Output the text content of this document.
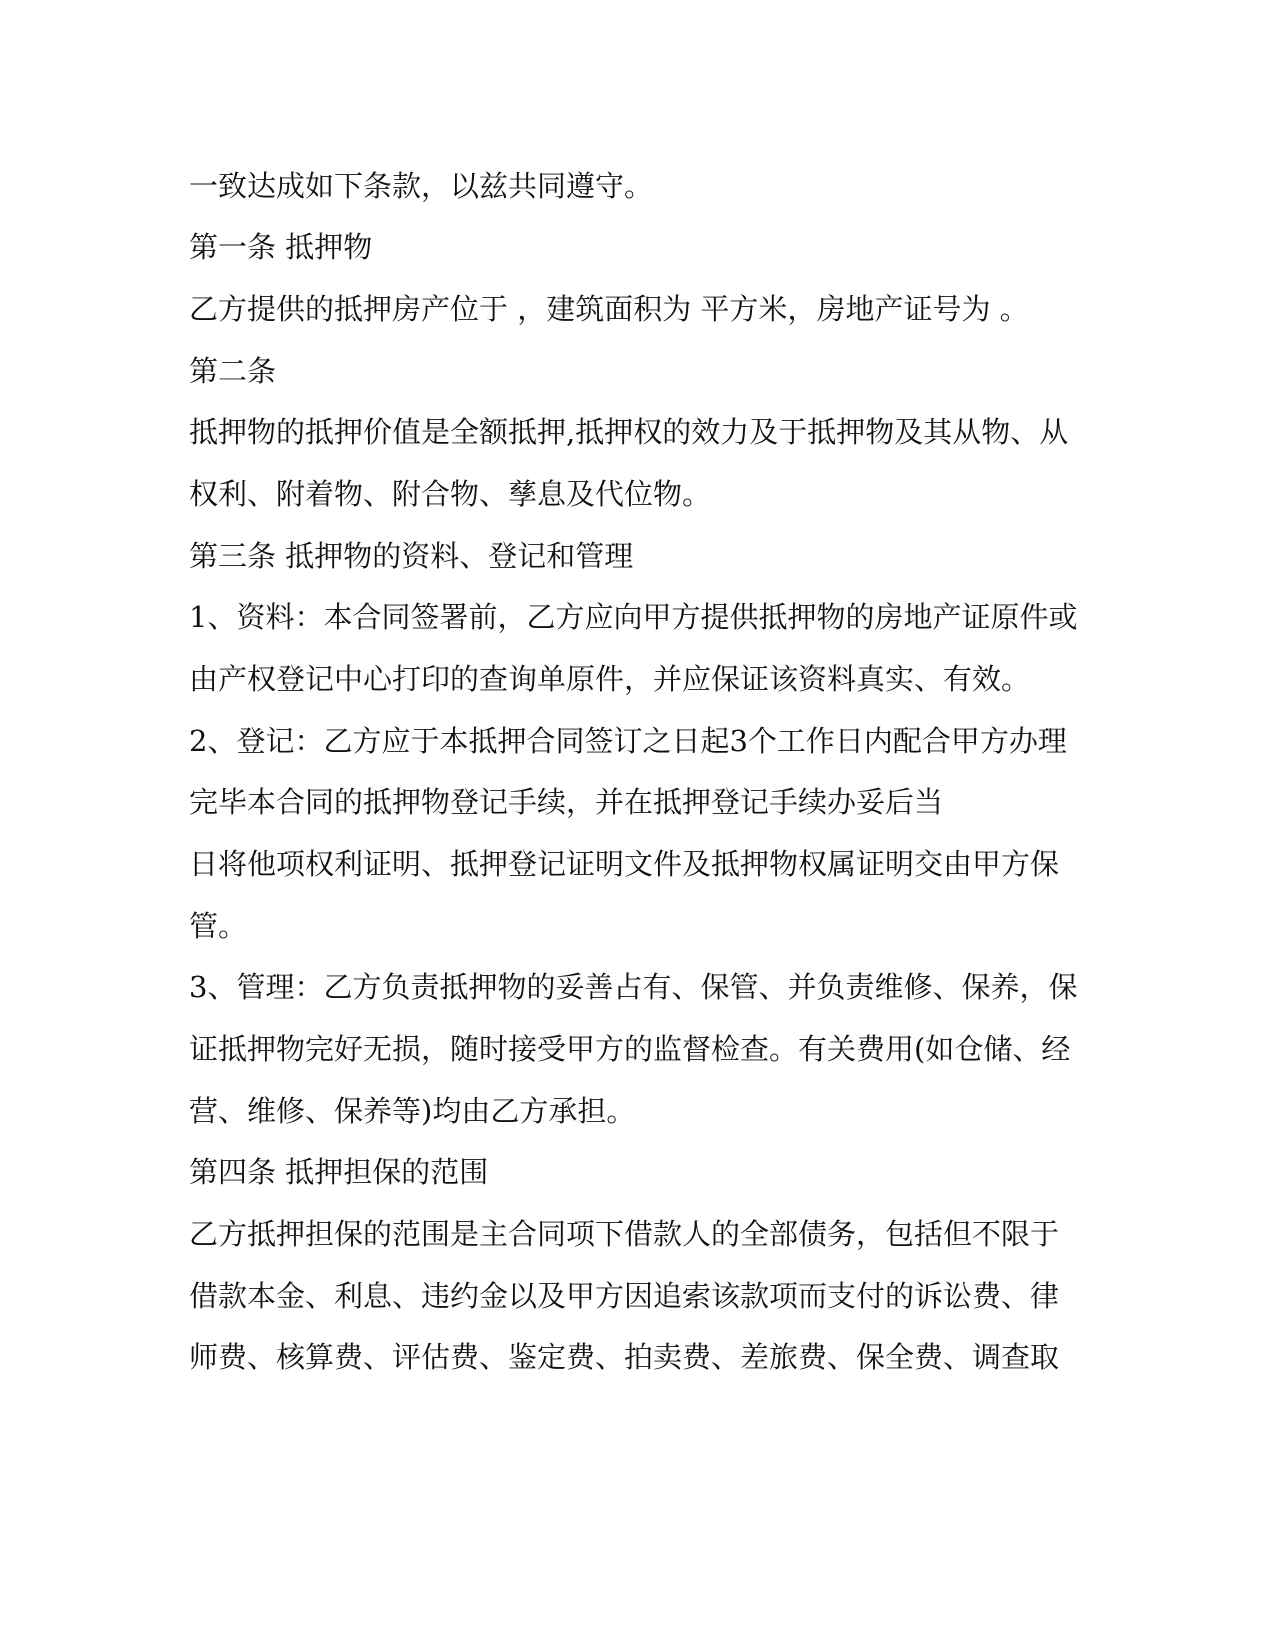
一致达成如下条款，以兹共同遵守。

第一条 抵押物

乙方提供的抵押房产位于 ，建筑面积为 平方米，房地产证号为 。

第二条

抵押物的抵押价值是全额抵押,抵押权的效力及于抵押物及其从物、从

权利、附着物、附合物、孳息及代位物。

第三条 抵押物的资料、登记和管理

1、资料：本合同签署前，乙方应向甲方提供抵押物的房地产证原件或

由产权登记中心打印的查询单原件，并应保证该资料真实、有效。

2、登记：乙方应于本抵押合同签订之日起3个工作日内配合甲方办理

完毕本合同的抵押物登记手续，并在抵押登记手续办妥后当

日将他项权利证明、抵押登记证明文件及抵押物权属证明交由甲方保

管。

3、管理：乙方负责抵押物的妥善占有、保管、并负责维修、保养，保

证抵押物完好无损，随时接受甲方的监督检查。有关费用(如仓储、经

营、维修、保养等)均由乙方承担。

第四条 抵押担保的范围

乙方抵押担保的范围是主合同项下借款人的全部债务，包括但不限于

借款本金、利息、违约金以及甲方因追索该款项而支付的诉讼费、律

师费、核算费、评估费、鉴定费、拍卖费、差旅费、保全费、调查取
